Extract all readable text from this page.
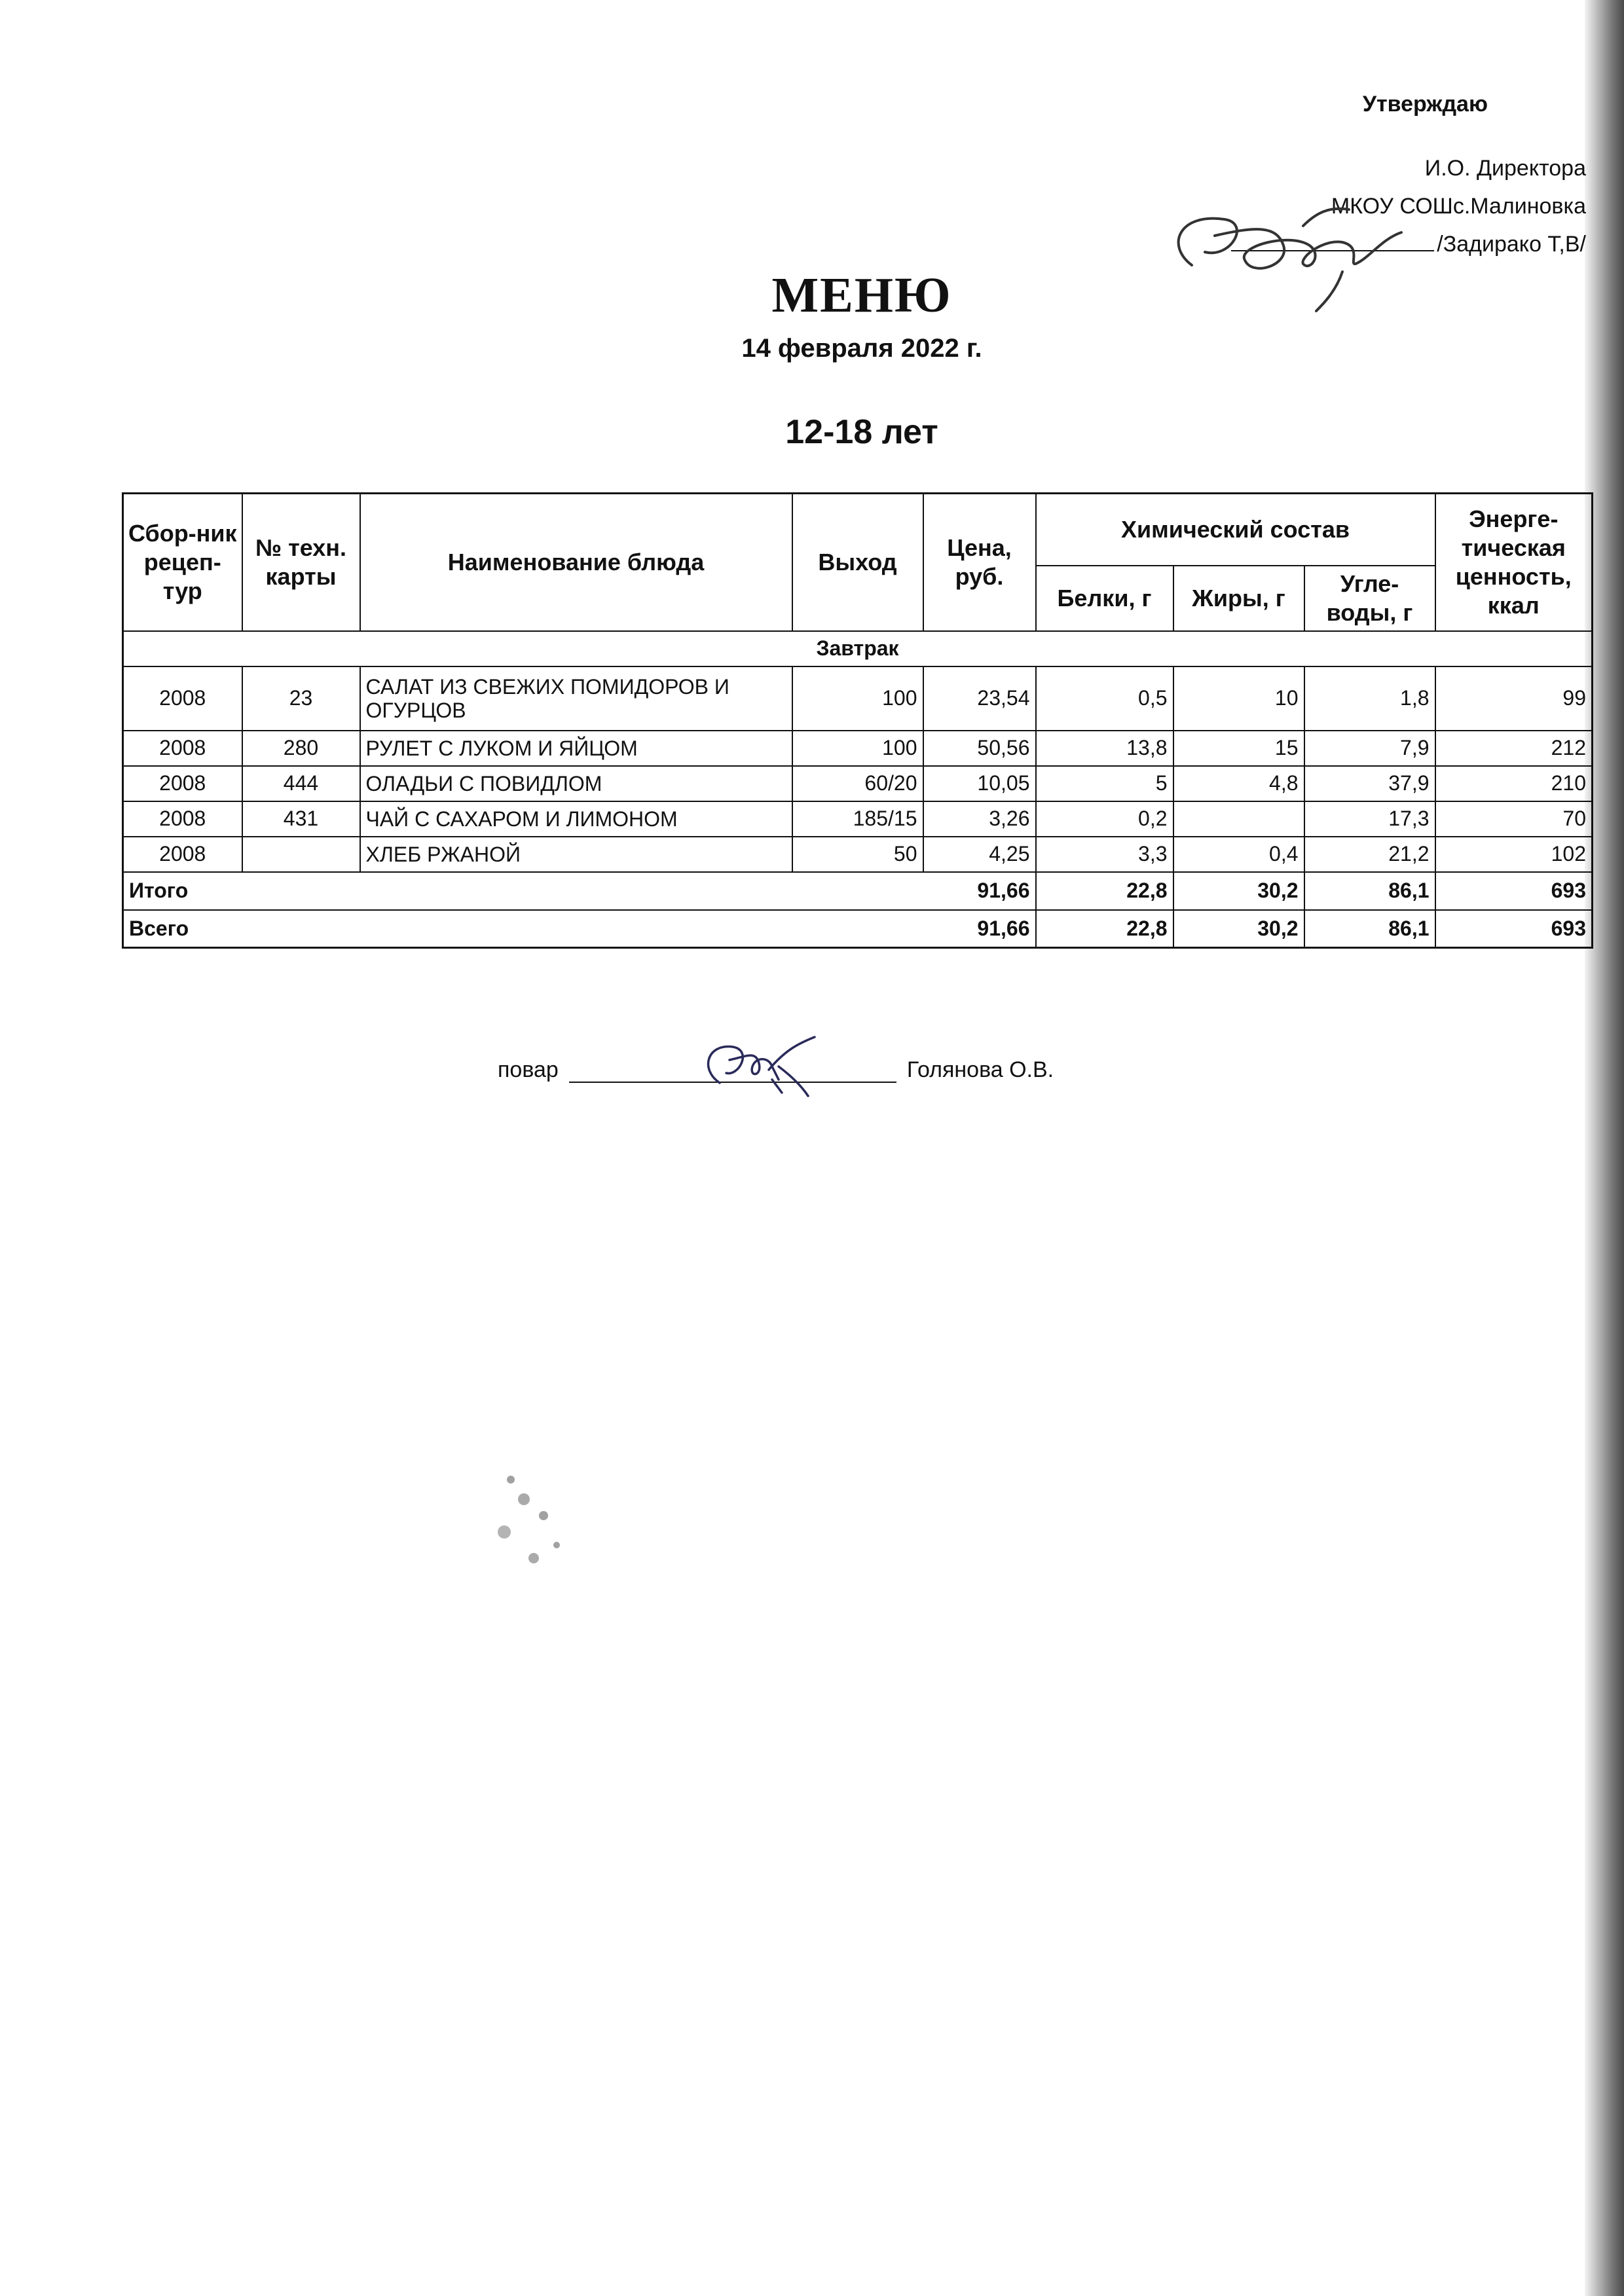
Утверждаю
И.О. Директора
МКОУ СОШс.Малиновка
/Задирако Т,В/
МЕНЮ
14 февраля 2022 г.
12-18 лет
Сбор-ник рецеп-тур	№ техн. карты	Наименование блюда	Выход	Цена, руб.	Химический состав			Энерге-тическая ценность, ккал
					Белки, г	Жиры, г	Угле-воды, г	
Завтрак								
2008	23	САЛАТ ИЗ СВЕЖИХ ПОМИДОРОВ И ОГУРЦОВ	100	23,54	0,5	10	1,8	99
2008	280	РУЛЕТ С ЛУКОМ И ЯЙЦОМ	100	50,56	13,8	15	7,9	212
2008	444	ОЛАДЬИ С ПОВИДЛОМ	60/20	10,05	5	4,8	37,9	210
2008	431	ЧАЙ С САХАРОМ И ЛИМОНОМ	185/15	3,26	0,2		17,3	70
2008		ХЛЕБ РЖАНОЙ	50	4,25	3,3	0,4	21,2	102
Итого 91,66					22,8	30,2	86,1	693
Всего 91,66					22,8	30,2	86,1	693
повар	Голянова О.В.
